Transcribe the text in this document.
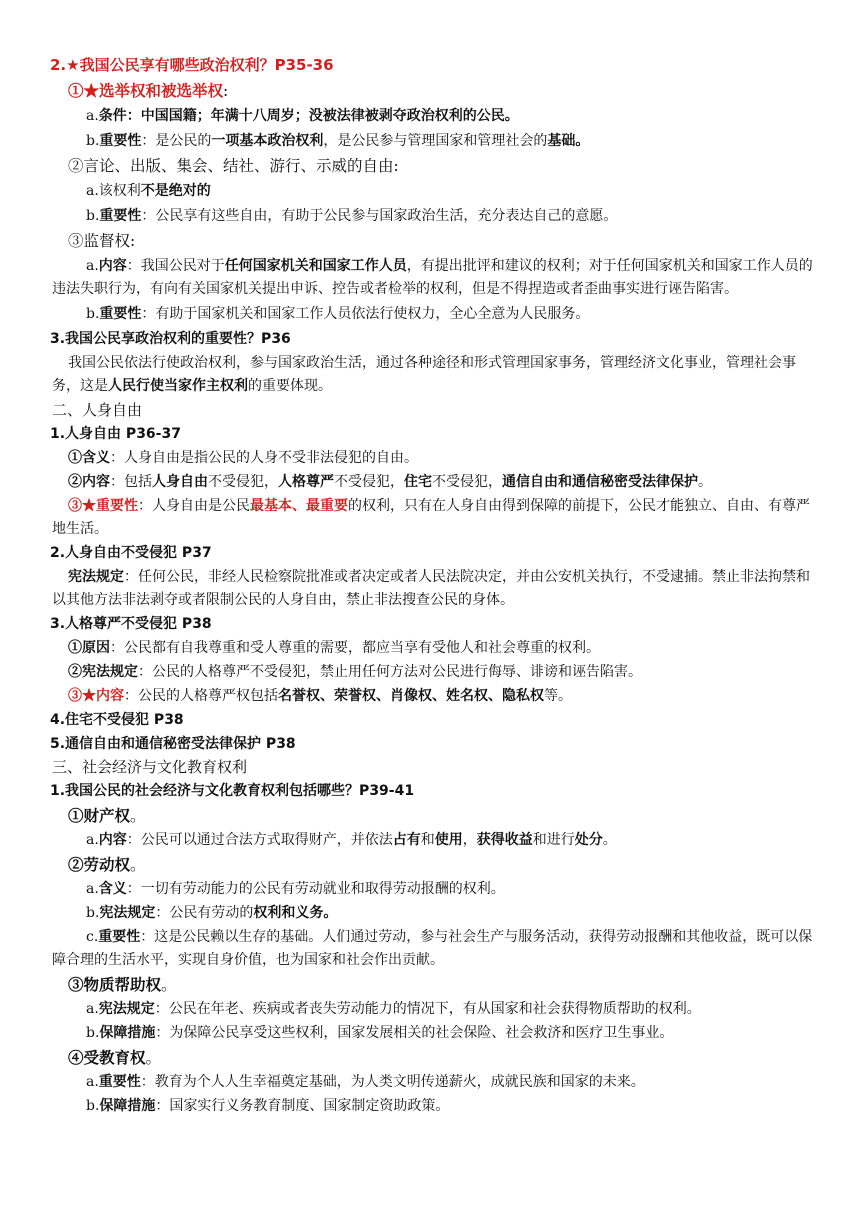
2.★我国公民享有哪些政治权利？P35-36
①★选举权和被选举权:
a.条件：中国国籍；年满十八周岁；没被法律被剥夺政治权利的公民。
b.重要性：是公民的一项基本政治权利，是公民参与管理国家和管理社会的基础。
②言论、出版、集会、结社、游行、示威的自由:
a.该权利不是绝对的
b.重要性：公民享有这些自由，有助于公民参与国家政治生活，充分表达自己的意愿。
③监督权:
a.内容：我国公民对于任何国家机关和国家工作人员，有提出批评和建议的权利；对于任何国家机关和国家工作人员的违法失职行为，有向有关国家机关提出申诉、控告或者检举的权利，但是不得捏造或者歪曲事实进行诬告陷害。
b.重要性：有助于国家机关和国家工作人员依法行使权力，全心全意为人民服务。
3.我国公民享政治权利的重要性？P36
我国公民依法行使政治权利，参与国家政治生活，通过各种途径和形式管理国家事务，管理经济文化事业，管理社会事务，这是人民行使当家作主权利的重要体现。
二、人身自由
1.人身自由 P36-37
①含义：人身自由是指公民的人身不受非法侵犯的自由。
②内容：包括人身自由不受侵犯，人格尊严不受侵犯，住宅不受侵犯，通信自由和通信秘密受法律保护。
③★重要性：人身自由是公民最基本、最重要的权利，只有在人身自由得到保障的前提下，公民才能独立、自由、有尊严地生活。
2.人身自由不受侵犯 P37
宪法规定：任何公民，非经人民检察院批准或者决定或者人民法院决定，并由公安机关执行，不受逮捕。禁止非法拘禁和以其他方法非法剥夺或者限制公民的人身自由，禁止非法搜查公民的身体。
3.人格尊严不受侵犯 P38
①原因：公民都有自我尊重和受人尊重的需要，都应当享有受他人和社会尊重的权利。
②宪法规定：公民的人格尊严不受侵犯，禁止用任何方法对公民进行侮辱、诽谤和诬告陷害。
③★内容：公民的人格尊严权包括名誉权、荣誉权、肖像权、姓名权、隐私权等。
4.住宅不受侵犯 P38
5.通信自由和通信秘密受法律保护 P38
三、社会经济与文化教育权利
1.我国公民的社会经济与文化教育权利包括哪些？P39-41
①财产权。
a.内容：公民可以通过合法方式取得财产，并依法占有和使用，获得收益和进行处分。
②劳动权。
a.含义：一切有劳动能力的公民有劳动就业和取得劳动报酬的权利。
b.宪法规定：公民有劳动的权利和义务。
c.重要性：这是公民赖以生存的基础。人们通过劳动，参与社会生产与服务活动，获得劳动报酬和其他收益，既可以保障合理的生活水平，实现自身价值，也为国家和社会作出贡献。
③物质帮助权。
a.宪法规定：公民在年老、疾病或者丧失劳动能力的情况下，有从国家和社会获得物质帮助的权利。
b.保障措施：为保障公民享受这些权利，国家发展相关的社会保险、社会救济和医疗卫生事业。
④受教育权。
a.重要性：教育为个人人生幸福奠定基础，为人类文明传递薪火，成就民族和国家的未来。
b.保障措施：国家实行义务教育制度、国家制定资助政策。
